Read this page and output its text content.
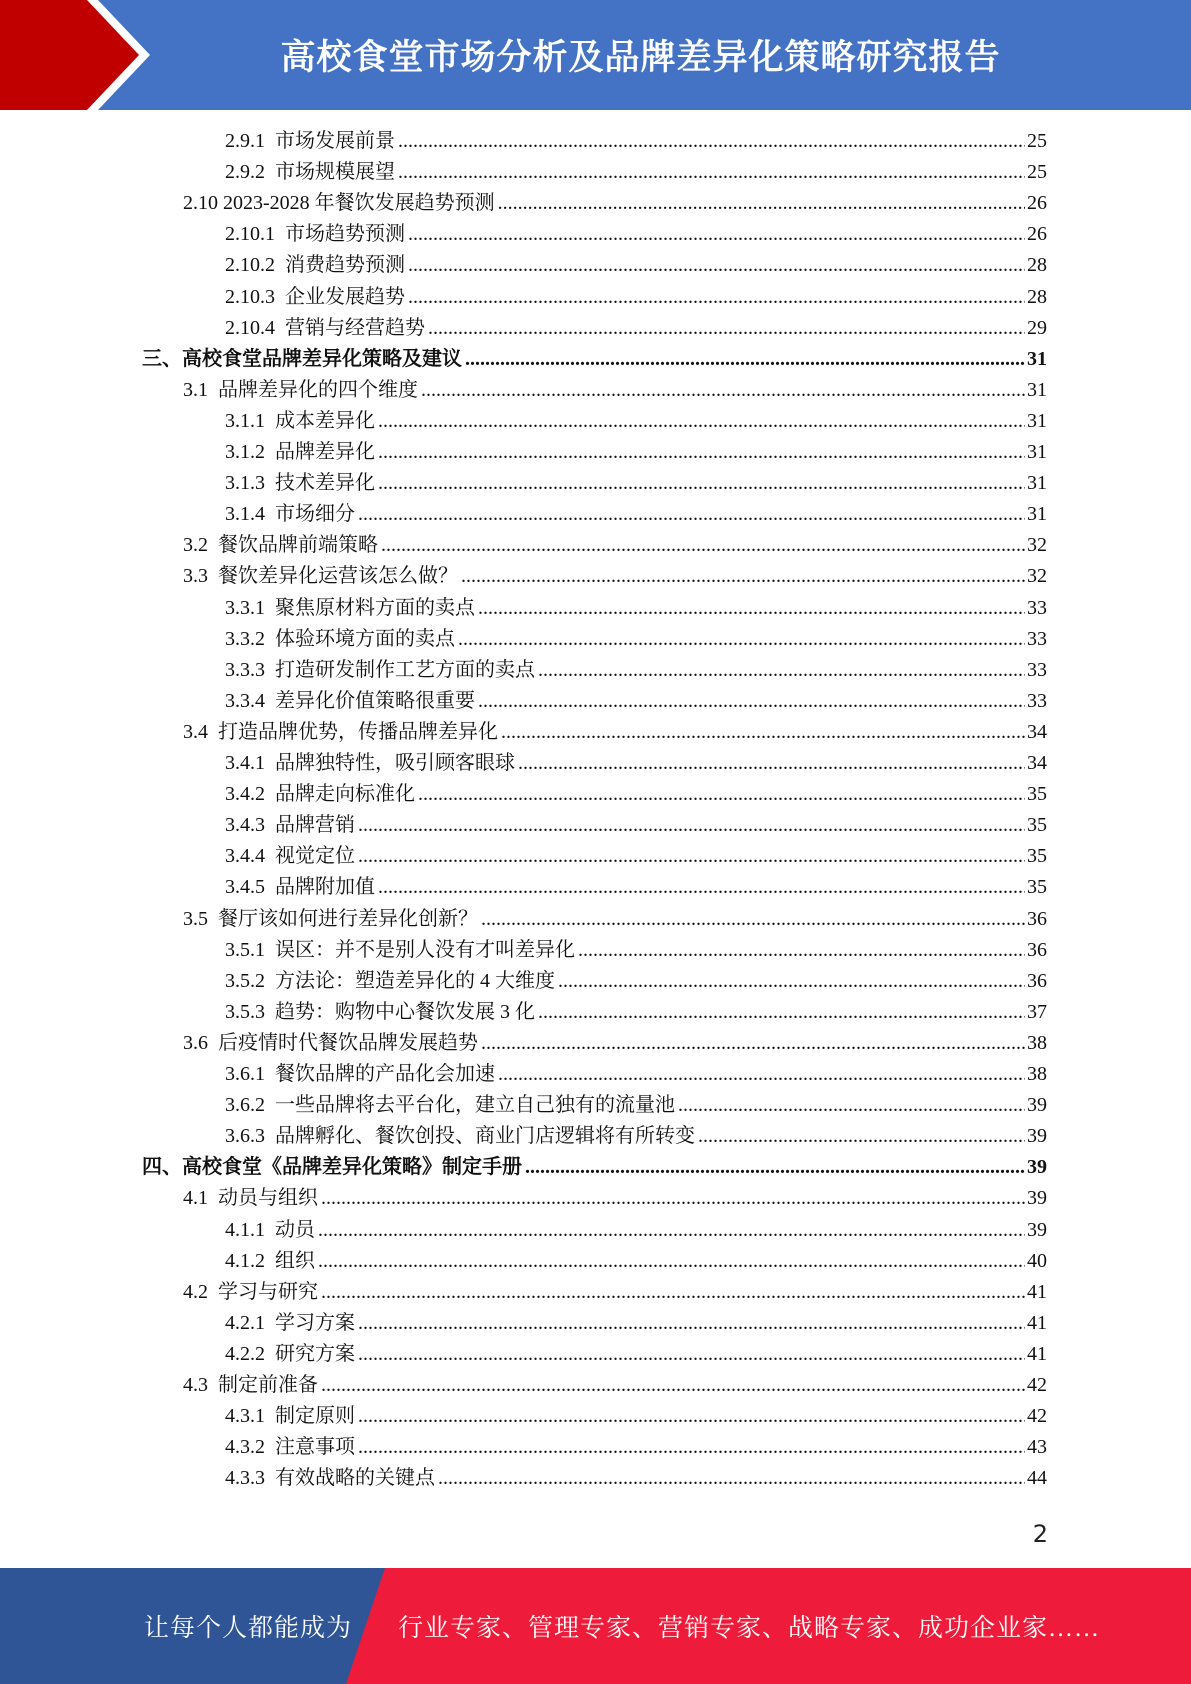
高校食堂市场分析及品牌差异化策略研究报告
2.9.1 市场发展前景 .....	25
2.9.2 市场规模展望 .....	25
2.10 2023-2028 年餐饮发展趋势预测 .....	26
2.10.1 市场趋势预测 .....	26
2.10.2 消费趋势预测 .....	28
2.10.3 企业发展趋势 .....	28
2.10.4 营销与经营趋势 .....	29
三、高校食堂品牌差异化策略及建议 .....	31
3.1 品牌差异化的四个维度 .....	31
3.1.1 成本差异化 .....	31
3.1.2 品牌差异化 .....	31
3.1.3 技术差异化 .....	31
3.1.4 市场细分 .....	31
3.2 餐饮品牌前端策略 .....	32
3.3 餐饮差异化运营该怎么做？ .....	32
3.3.1 聚焦原材料方面的卖点 .....	33
3.3.2 体验环境方面的卖点 .....	33
3.3.3 打造研发制作工艺方面的卖点 .....	33
3.3.4 差异化价值策略很重要 .....	33
3.4 打造品牌优势，传播品牌差异化 .....	34
3.4.1 品牌独特性，吸引顾客眼球 .....	34
3.4.2 品牌走向标准化 .....	35
3.4.3 品牌营销 .....	35
3.4.4 视觉定位 .....	35
3.4.5 品牌附加值 .....	35
3.5 餐厅该如何进行差异化创新？ .....	36
3.5.1 误区：并不是别人没有才叫差异化 .....	36
3.5.2 方法论：塑造差异化的 4 大维度 .....	36
3.5.3 趋势：购物中心餐饮发展 3 化 .....	37
3.6 后疫情时代餐饮品牌发展趋势 .....	38
3.6.1 餐饮品牌的产品化会加速 .....	38
3.6.2 一些品牌将去平台化，建立自己独有的流量池 .....	39
3.6.3 品牌孵化、餐饮创投、商业门店逻辑将有所转变 .....	39
四、高校食堂《品牌差异化策略》制定手册 .....	39
4.1 动员与组织 .....	39
4.1.1 动员 .....	39
4.1.2 组织 .....	40
4.2 学习与研究 .....	41
4.2.1 学习方案 .....	41
4.2.2 研究方案 .....	41
4.3 制定前准备 .....	42
4.3.1 制定原则 .....	42
4.3.2 注意事项 .....	43
4.3.3 有效战略的关键点 .....	44
2
让每个人都能成为 行业专家、管理专家、营销专家、战略专家、成功企业家……
